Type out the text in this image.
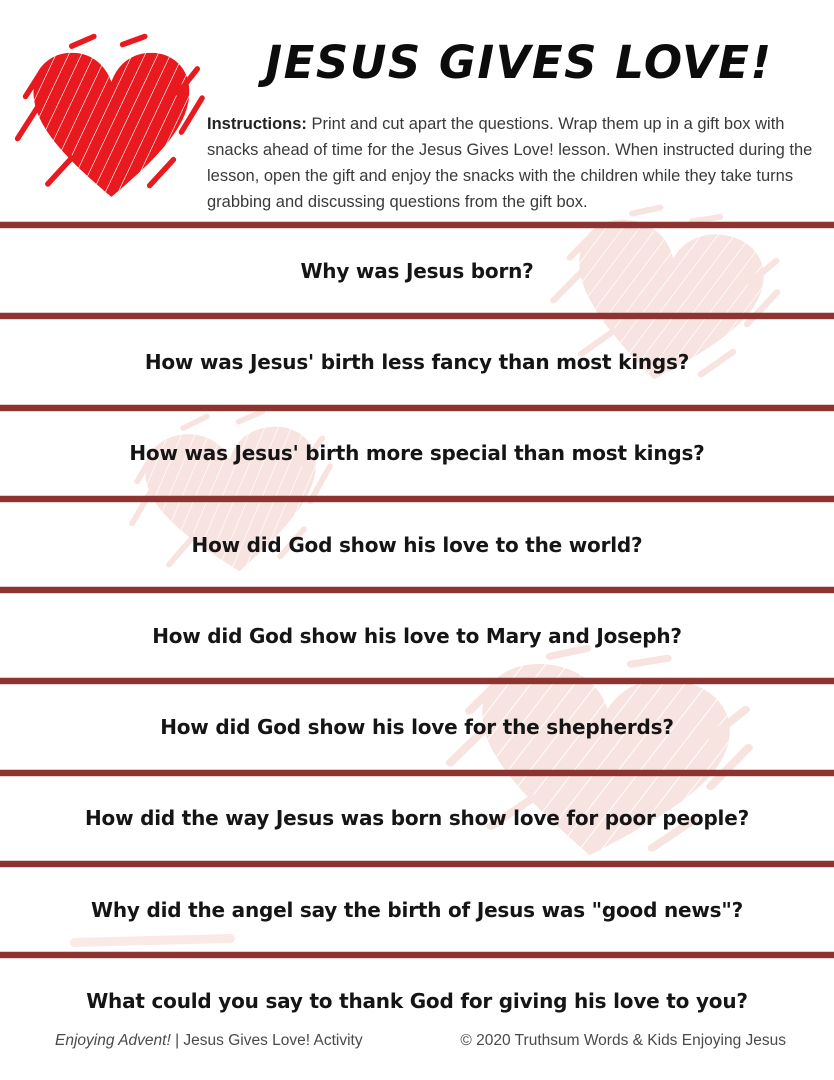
JESUS GIVES LOVE!
Instructions: Print and cut apart the questions. Wrap them up in a gift box with snacks ahead of time for the Jesus Gives Love! lesson. When instructed during the lesson, open the gift and enjoy the snacks with the children while they take turns grabbing and discussing questions from the gift box.
Why was Jesus born?
How was Jesus' birth less fancy than most kings?
How was Jesus' birth more special than most kings?
How did God show his love to the world?
How did God show his love to Mary and Joseph?
How did God show his love for the shepherds?
How did the way Jesus was born show love for poor people?
Why did the angel say the birth of Jesus was "good news"?
What could you say to thank God for giving his love to you?
Enjoying Advent! | Jesus Gives Love! Activity	© 2020 Truthsum Words & Kids Enjoying Jesus
